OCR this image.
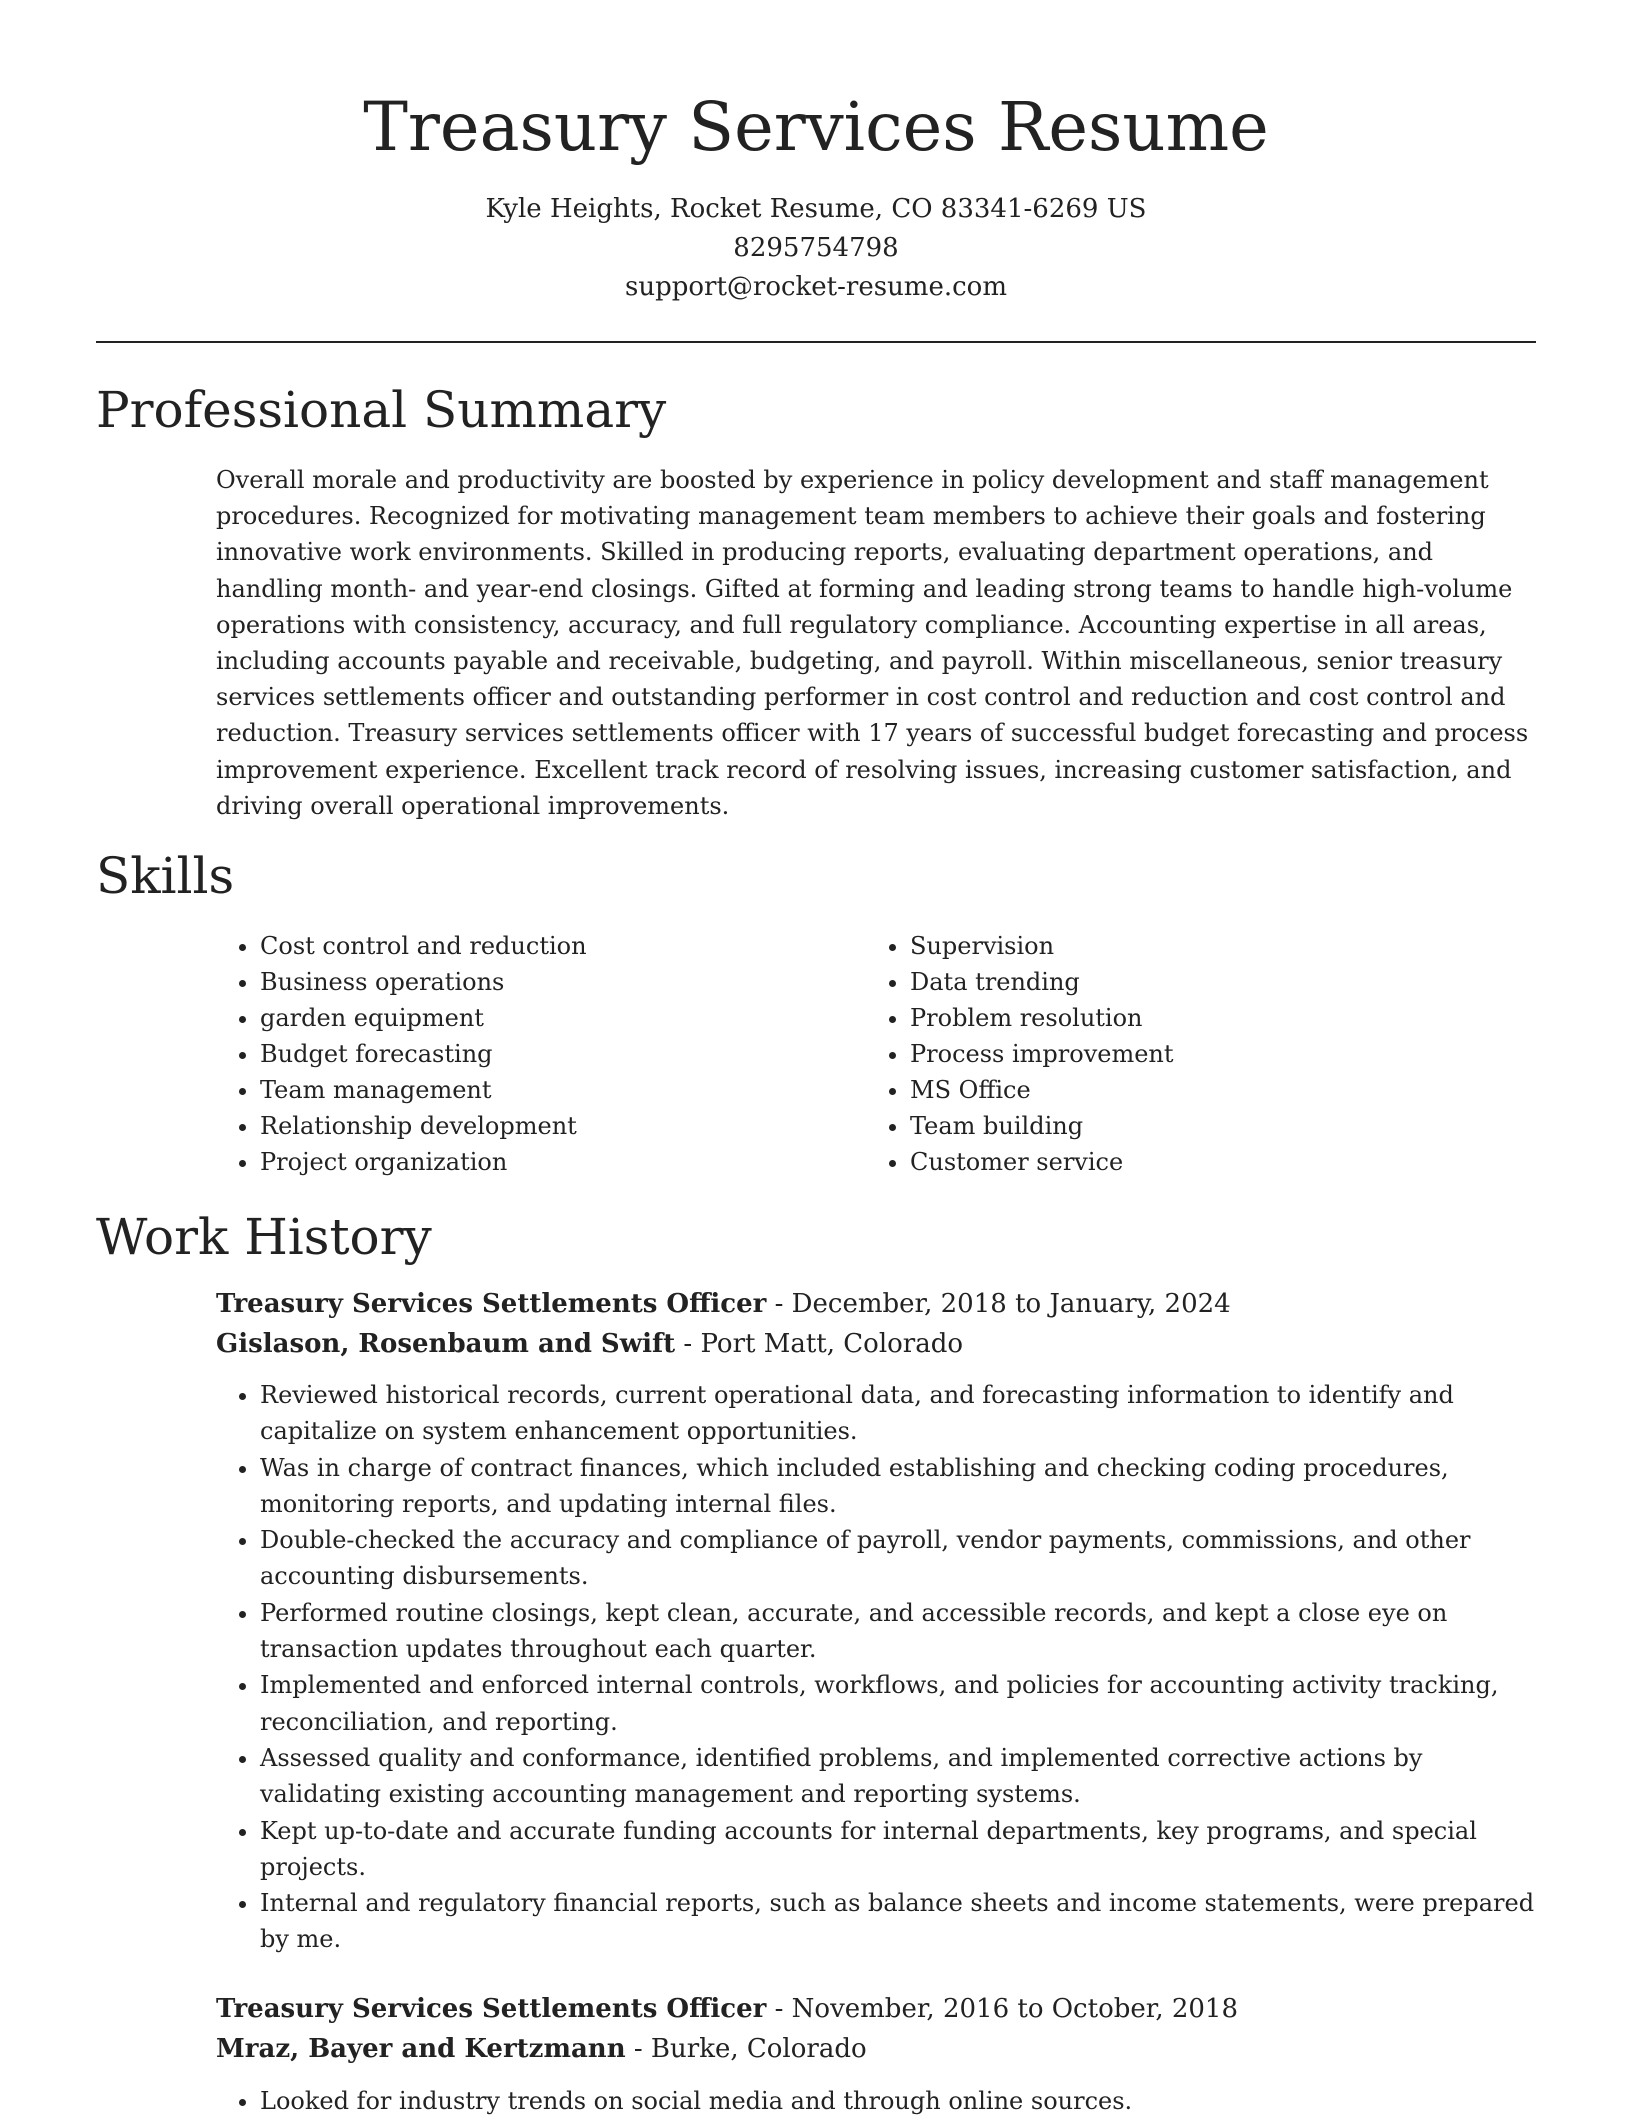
Treasury Services Resume
Kyle Heights, Rocket Resume, CO 83341-6269 US
8295754798
support@rocket-resume.com
Professional Summary

Overall morale and productivity are boosted by experience in policy development and staff management procedures. Recognized for motivating management team members to achieve their goals and fostering innovative work environments. Skilled in producing reports, evaluating department operations, and handling month- and year-end closings. Gifted at forming and leading strong teams to handle high-volume operations with consistency, accuracy, and full regulatory compliance. Accounting expertise in all areas, including accounts payable and receivable, budgeting, and payroll. Within miscellaneous, senior treasury services settlements officer and outstanding performer in cost control and reduction and cost control and reduction. Treasury services settlements officer with 17 years of successful budget forecasting and process improvement experience. Excellent track record of resolving issues, increasing customer satisfaction, and driving overall operational improvements.

Skills
• Cost control and reduction
• Business operations
• garden equipment
• Budget forecasting
• Team management
• Relationship development
• Project organization
• Supervision
• Data trending
• Problem resolution
• Process improvement
• MS Office
• Team building
• Customer service
Work History
Treasury Services Settlements Officer - December, 2018 to January, 2024
Gislason, Rosenbaum and Swift - Port Matt, Colorado
• Reviewed historical records, current operational data, and forecasting information to identify and capitalize on system enhancement opportunities.
• Was in charge of contract finances, which included establishing and checking coding procedures, monitoring reports, and updating internal files.
• Double-checked the accuracy and compliance of payroll, vendor payments, commissions, and other accounting disbursements.
• Performed routine closings, kept clean, accurate, and accessible records, and kept a close eye on transaction updates throughout each quarter.
• Implemented and enforced internal controls, workflows, and policies for accounting activity tracking, reconciliation, and reporting.
• Assessed quality and conformance, identified problems, and implemented corrective actions by validating existing accounting management and reporting systems.
• Kept up-to-date and accurate funding accounts for internal departments, key programs, and special projects.
• Internal and regulatory financial reports, such as balance sheets and income statements, were prepared by me.
Treasury Services Settlements Officer - November, 2016 to October, 2018
Mraz, Bayer and Kertzmann - Burke, Colorado
• Looked for industry trends on social media and through online sources.
